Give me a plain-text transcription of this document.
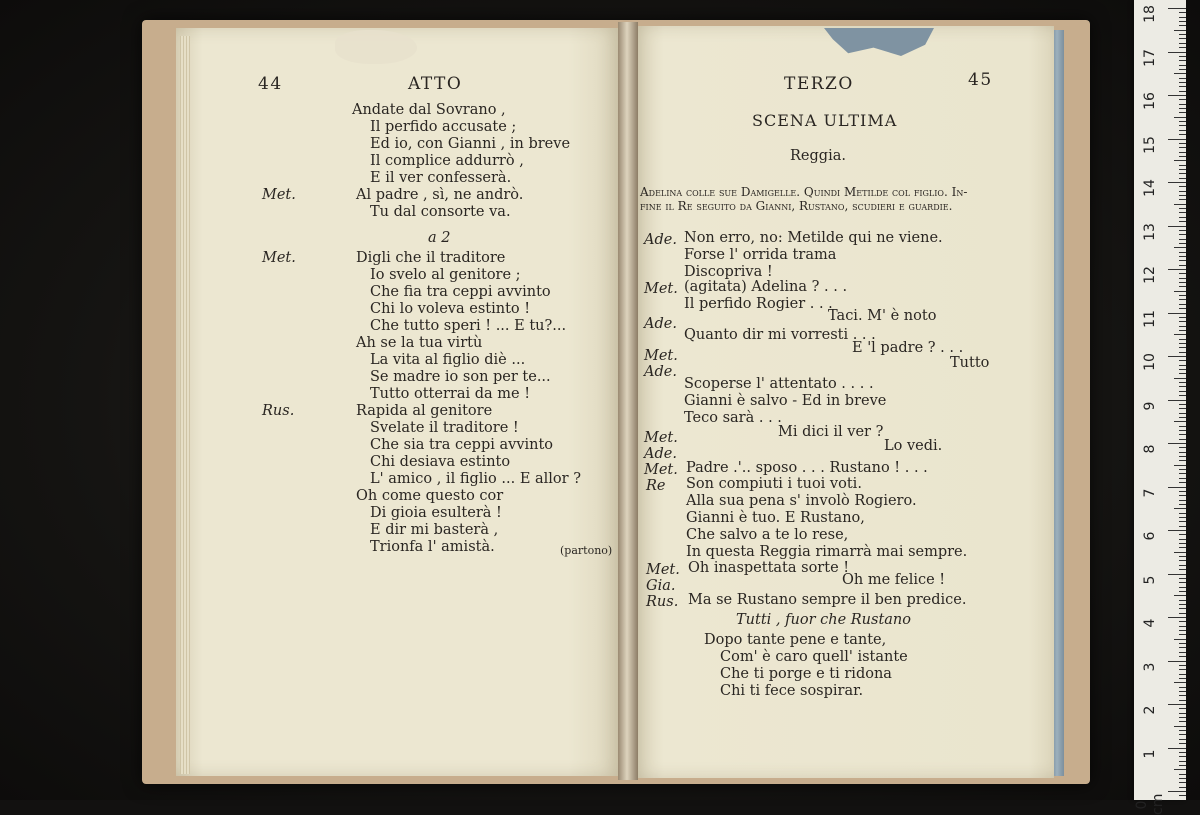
44	ATTO
Andate dal Sovrano ,
Il perfido accusate ;
Ed io, con Gianni , in breve
Il complice addurrò ,
E il ver confesserà.
Met.	Al padre , sì, ne andrò.
Tu dal consorte va.
a 2
Met.	Digli che il traditore
Io svelo al genitore ;
Che fia tra ceppi avvinto
Chi lo voleva estinto !
Che tutto speri ! ... E tu?...
Ah se la tua virtù
La vita al figlio diè ...
Se madre io son per te...
Tutto otterrai da me !
Rus.	Rapida al genitore
Svelate il traditore !
Che sia tra ceppi avvinto
Chi desiava estinto
L' amico , il figlio ... E allor ?
Oh come questo cor
Di gioia esulterà !
E dir mi basterà ,
Trionfa l' amistà.	(partono)
TERZO	45
SCENA ULTIMA
Reggia.
Adelina colle sue Damigelle. Quindi Metilde col figlio. In-
fine il Re seguito da Gianni, Rustano, scudieri e guardie.
Ade. Non erro, no: Metilde qui ne viene.
Forse l' orrida trama
Discopriva !
Met. (agitata) Adelina ? . . .
Il perfido Rogier . . .
Ade.	Taci. M' è noto
Quanto dir mi vorresti . . .
Met.	E 'l padre ? . . .
Ade.
Tutto
Scoperse l' attentato . . . .
Gianni è salvo - Ed in breve
Teco sarà . . .
Met.	Mi dici il ver ?
Ade.	Lo vedi.
Met. Padre .'.. sposo . . . Rustano ! . . .
Re Son compiuti i tuoi voti.
Alla sua pena s' involò Rogiero.
Gianni è tuo. E Rustano,
Che salvo a te lo rese,
In questa Reggia rimarrà mai sempre.
Met. Oh inaspettata sorte !
Gia.	Oh me felice !
Rus. Ma se Rustano sempre il ben predice.
Tutti , fuor che Rustano
Dopo tante pene e tante,
Com' è caro quell' istante
Che ti porge e ti ridona
Chi ti fece sospirar.
18
17
16
15
14
13
12
11
10
9
8
7
6
5
4
3
2
1
0 cm
